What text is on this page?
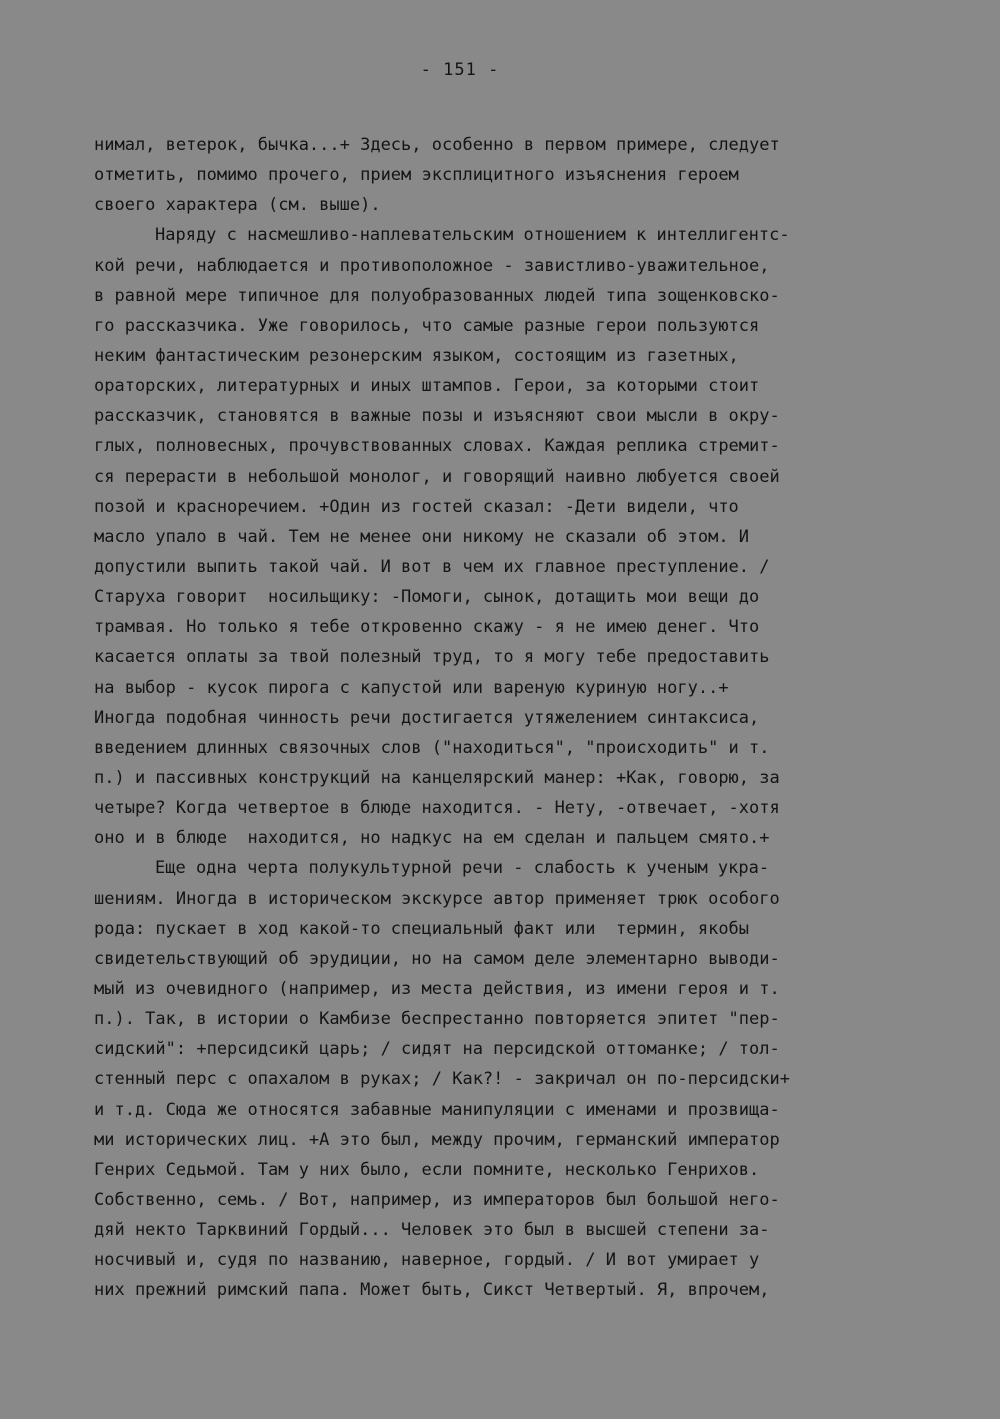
- 151 -
нимал, ветерок, бычка...+ Здесь, особенно в первом примере, следует
отметить, помимо прочего, прием эксплицитного изъяснения героем
своего характера (см. выше).
Наряду с насмешливо-наплевательским отношением к интеллигентс-
кой речи, наблюдается и противоположное - завистливо-уважительное,
в равной мере типичное для полуобразованных людей типа зощенковско-
го рассказчика. Уже говорилось, что самые разные герои пользуются
неким фантастическим резонерским языком, состоящим из газетных,
ораторских, литературных и иных штампов. Герои, за которыми стоит
рассказчик, становятся в важные позы и изъясняют свои мысли в окру-
глых, полновесных, прочувствованных словах. Каждая реплика стремит-
ся перерасти в небольшой монолог, и говорящий наивно любуется своей
позой и красноречием. +Один из гостей сказал: -Дети видели, что
масло упало в чай. Тем не менее они никому не сказали об этом. И
допустили выпить такой чай. И вот в чем их главное преступление. /
Старуха говорит  носильщику: -Помоги, сынок, дотащить мои вещи до
трамвая. Но только я тебе откровенно скажу - я не имею денег. Что
касается оплаты за твой полезный труд, то я могу тебе предоставить
на выбор - кусок пирога с капустой или вареную куриную ногу..+
Иногда подобная чинность речи достигается утяжелением синтаксиса,
введением длинных связочных слов ("находиться", "происходить" и т.
п.) и пассивных конструкций на канцелярский манер: +Как, говорю, за
четыре? Когда четвертое в блюде находится. - Нету, -отвечает, -хотя
оно и в блюде  находится, но надкус на ем сделан и пальцем смято.+
Еще одна черта полукультурной речи - слабость к ученым укра-
шениям. Иногда в историческом экскурсе автор применяет трюк особого
рода: пускает в ход какой-то специальный факт или  термин, якобы
свидетельствующий об эрудиции, но на самом деле элементарно выводи-
мый из очевидного (например, из места действия, из имени героя и т.
п.). Так, в истории о Камбизе беспрестанно повторяется эпитет "пер-
сидский": +персидсикй царь; / сидят на персидской оттоманке; / тол-
стенный перс с опахалом в руках; / Как?! - закричал он по-персидски+
и т.д. Сюда же относятся забавные манипуляции с именами и прозвища-
ми исторических лиц. +А это был, между прочим, германский император
Генрих Седьмой. Там у них было, если помните, несколько Генрихов.
Собственно, семь. / Вот, например, из императоров был большой него-
дяй некто Тарквиний Гордый... Человек это был в высшей степени за-
носчивый и, судя по названию, наверное, гордый. / И вот умирает у
них прежний римский папа. Может быть, Сикст Четвертый. Я, впрочем,
